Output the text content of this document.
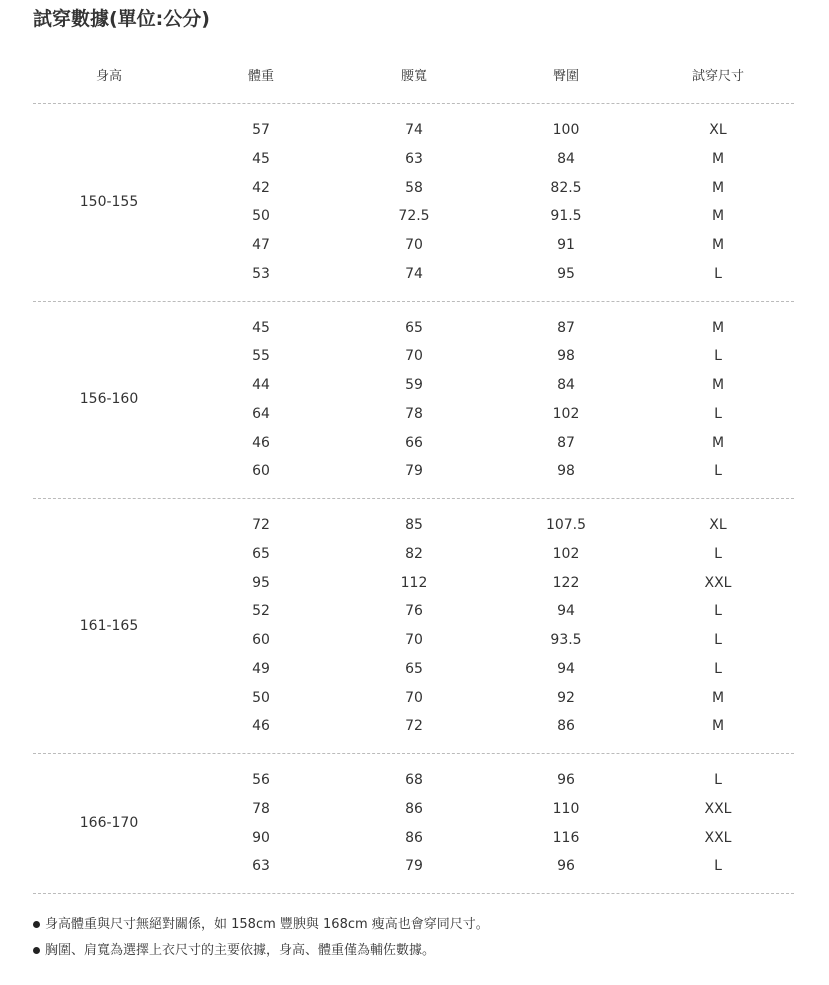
試穿數據(單位:公分)
身高	體重	腰寬	臀圍	試穿尺寸
150-155
57	74	100	XL
45	63	84	M
42	58	82.5	M
50	72.5	91.5	M
47	70	91	M
53	74	95	L
156-160
45	65	87	M
55	70	98	L
44	59	84	M
64	78	102	L
46	66	87	M
60	79	98	L
161-165
72	85	107.5	XL
65	82	102	L
95	112	122	XXL
52	76	94	L
60	70	93.5	L
49	65	94	L
50	70	92	M
46	72	86	M
166-170
56	68	96	L
78	86	110	XXL
90	86	116	XXL
63	79	96	L
身高體重與尺寸無絕對關係，如 158cm 豐腴與 168cm 瘦高也會穿同尺寸。
胸圍、肩寬為選擇上衣尺寸的主要依據，身高、體重僅為輔佐數據。
